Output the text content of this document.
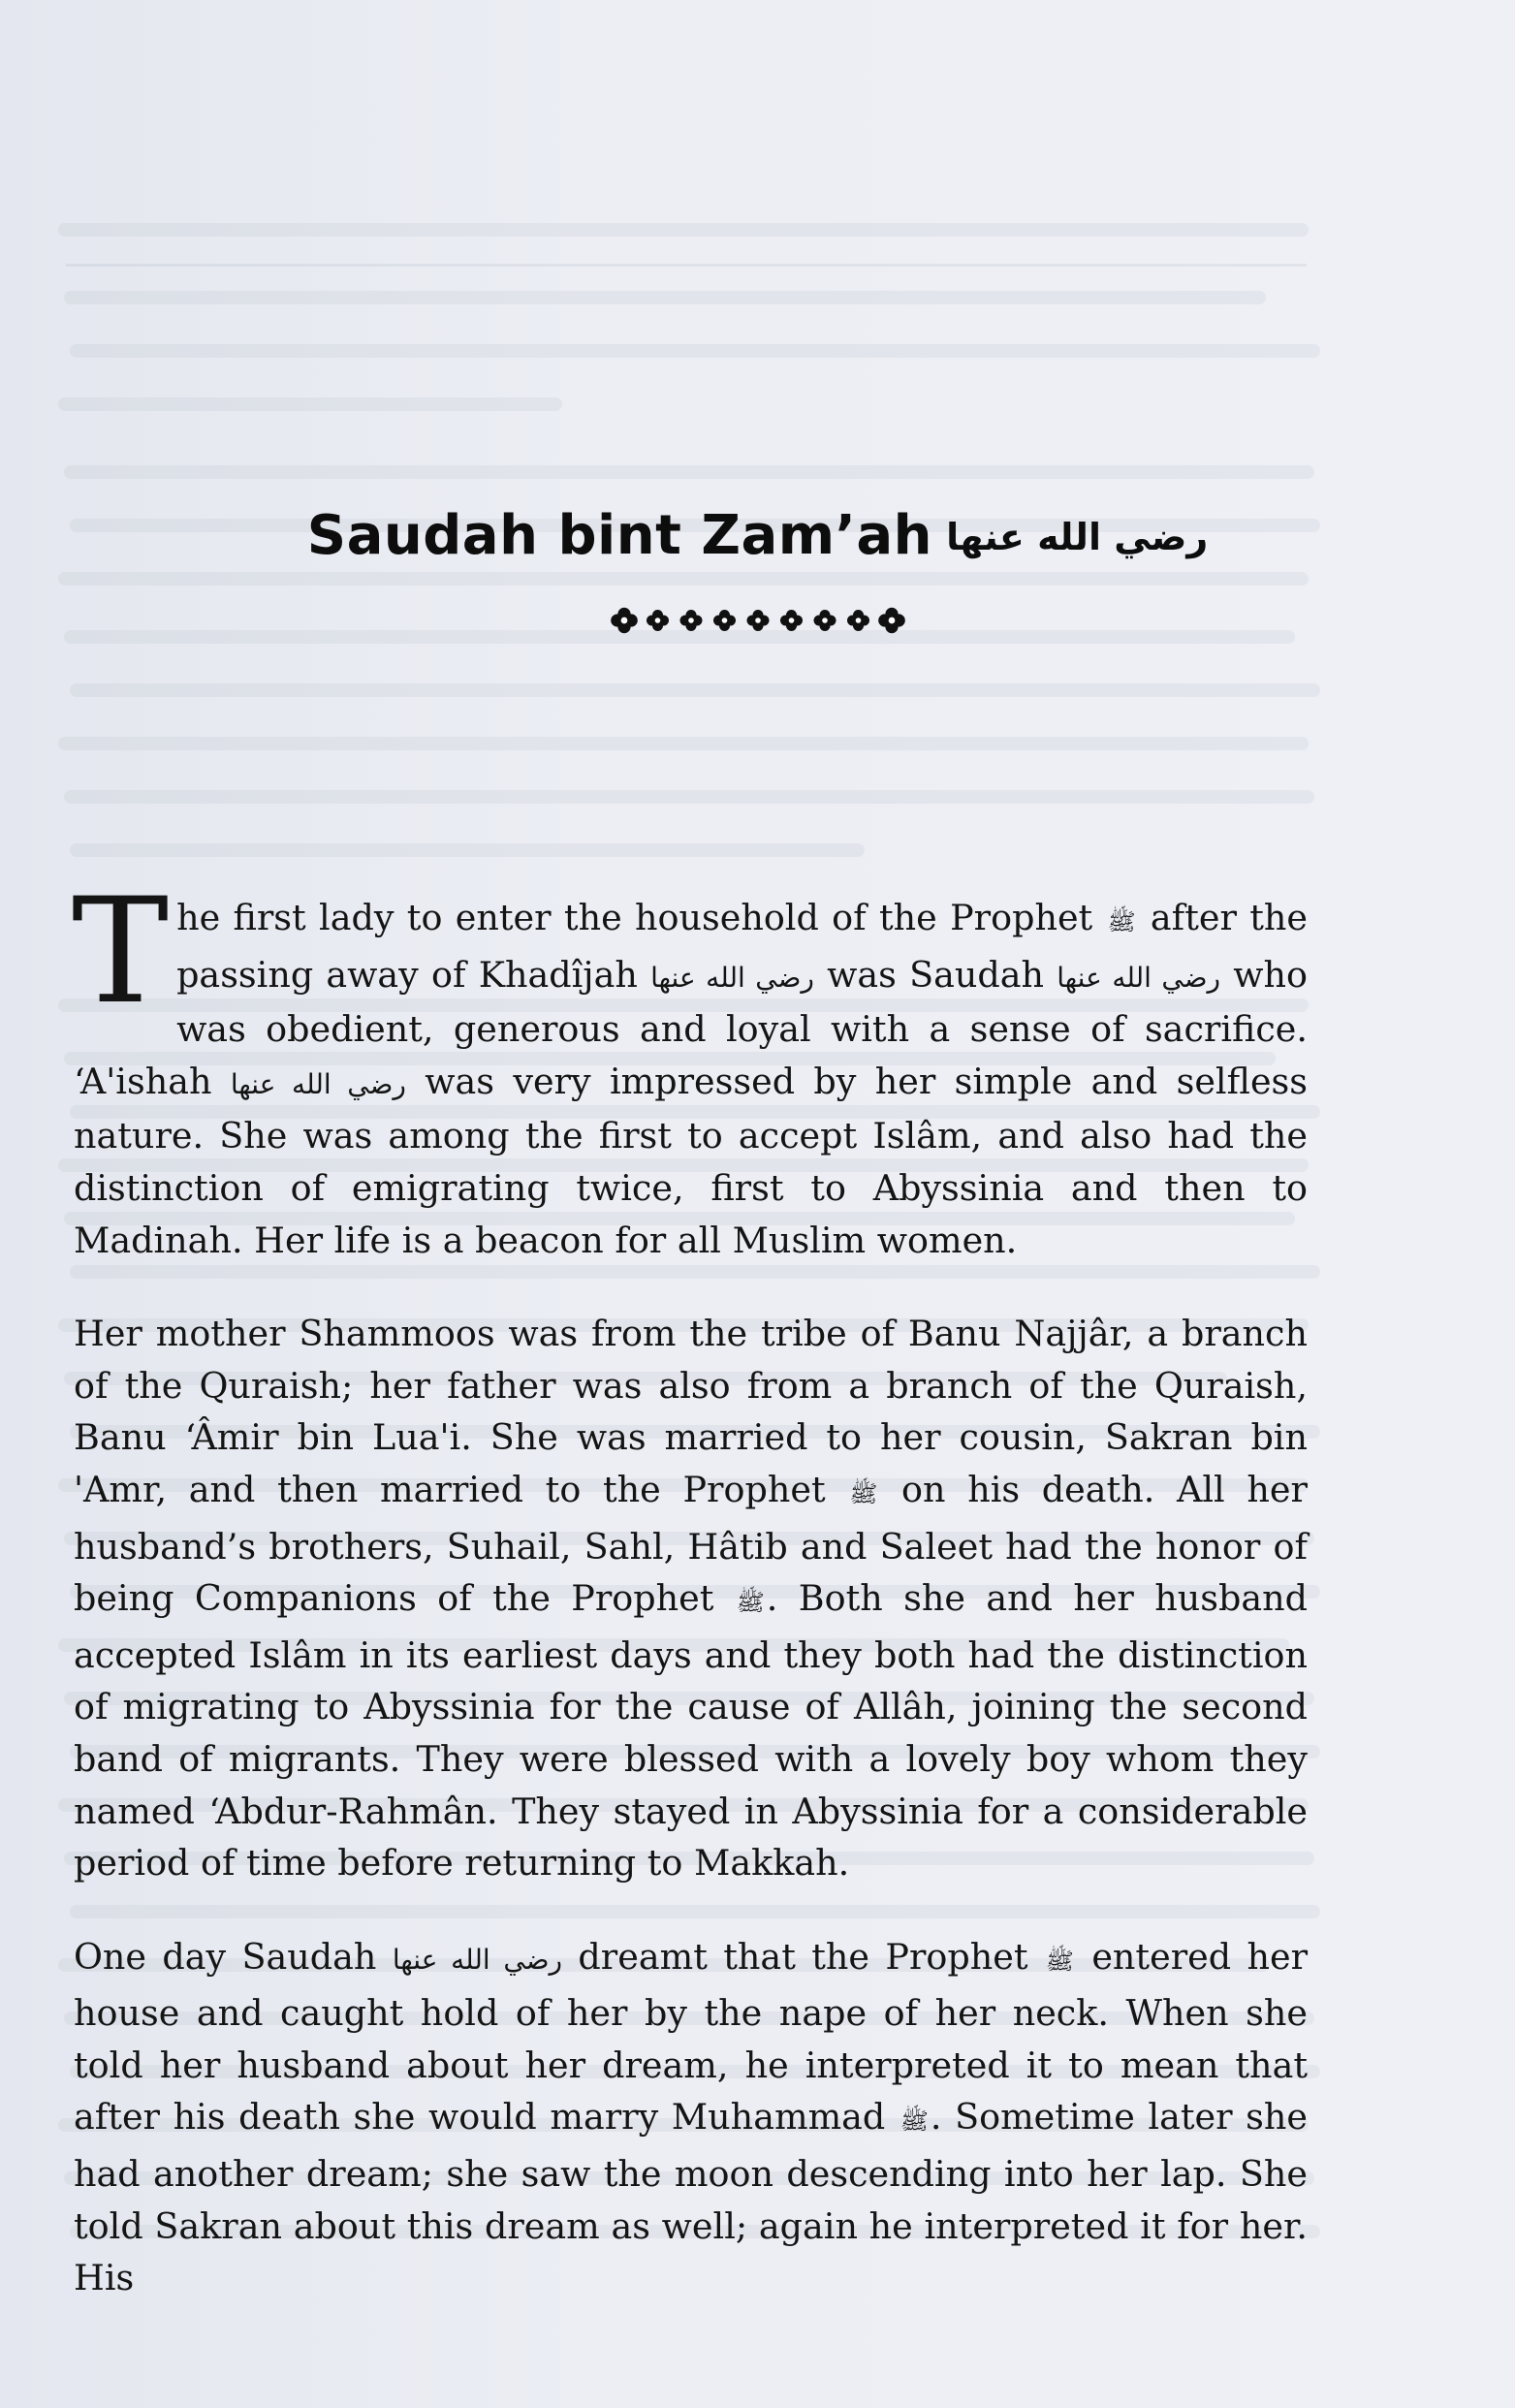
Saudah bint Zam’ah رضي الله عنها

The first lady to enter the household of the Prophet ﷺ after the passing away of Khadîjah رضي الله عنها was Saudah رضي الله عنها who was obedient, generous and loyal with a sense of sacrifice. ‘A'ishah رضي الله عنها was very impressed by her simple and selfless nature. She was among the first to accept Islâm, and also had the distinction of emigrating twice, first to Abyssinia and then to Madinah. Her life is a beacon for all Muslim women.

Her mother Shammoos was from the tribe of Banu Najjâr, a branch of the Quraish; her father was also from a branch of the Quraish, Banu ‘Âmir bin Lua'i. She was married to her cousin, Sakran bin 'Amr, and then married to the Prophet ﷺ on his death. All her husband’s brothers, Suhail, Sahl, Hâtib and Saleet had the honor of being Companions of the Prophet ﷺ. Both she and her husband accepted Islâm in its earliest days and they both had the distinction of migrating to Abyssinia for the cause of Allâh, joining the second band of migrants. They were blessed with a lovely boy whom they named ‘Abdur-Rahmân. They stayed in Abyssinia for a considerable period of time before returning to Makkah.

One day Saudah رضي الله عنها dreamt that the Prophet ﷺ entered her house and caught hold of her by the nape of her neck. When she told her husband about her dream, he interpreted it to mean that after his death she would marry Muhammad ﷺ. Sometime later she had another dream; she saw the moon descending into her lap. She told Sakran about this dream as well; again he interpreted it for her. His
